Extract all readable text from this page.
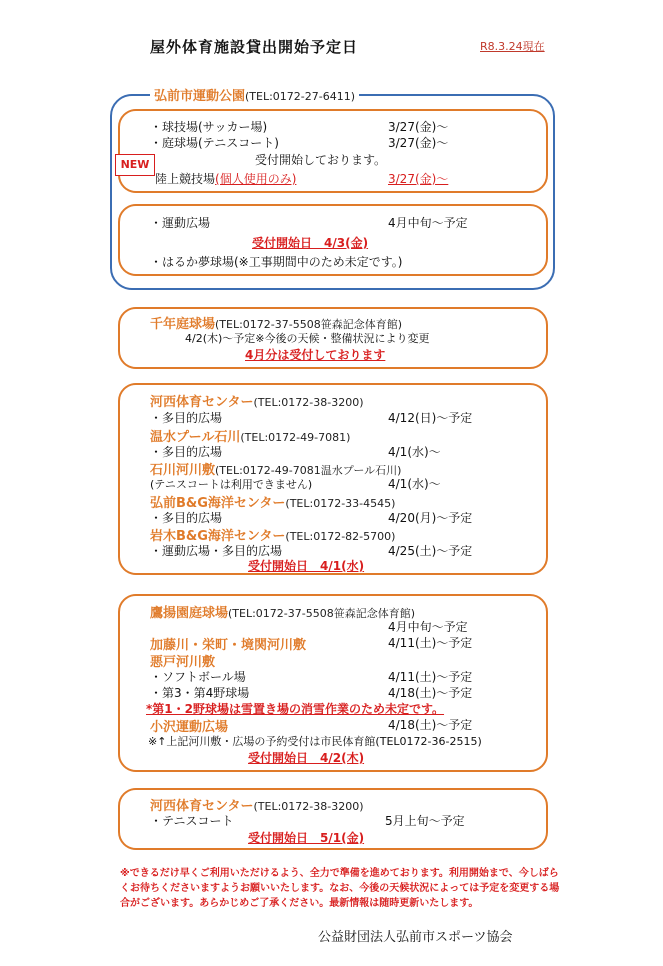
屋外体育施設貸出開始予定日	R8.3.24現在
弘前市運動公園(TEL:0172-27-6411)
・球技場(サッカー場)	3/27(金)～
・庭球場(テニスコート)	3/27(金)～
受付開始しております。
NEW
陸上競技場(個人使用のみ)	3/27(金)～
・運動広場	4月中旬～予定
受付開始日　4/3(金)
・はるか夢球場(※工事期間中のため未定です。)
千年庭球場(TEL:0172-37-5508笹森記念体育館)
4/2(木)～予定※今後の天候・整備状況により変更
4月分は受付しております
河西体育センター(TEL:0172-38-3200)
・多目的広場	4/12(日)～予定
温水プール石川(TEL:0172-49-7081)
・多目的広場	4/1(水)～
石川河川敷(TEL:0172-49-7081温水プール石川)
(テニスコートは利用できません)	4/1(水)～
弘前B&G海洋センター(TEL:0172-33-4545)
・多目的広場	4/20(月)～予定
岩木B&G海洋センター(TEL:0172-82-5700)
・運動広場・多目的広場	4/25(土)～予定
受付開始日　4/1(水)
鷹揚園庭球場(TEL:0172-37-5508笹森記念体育館)
4月中旬～予定
加藤川・栄町・境関河川敷	4/11(土)～予定
悪戸河川敷
・ソフトボール場	4/11(土)～予定
・第3・第4野球場	4/18(土)～予定
*第1・2野球場は雪置き場の消雪作業のため未定です。
小沢運動広場	4/18(土)～予定
※↑上記河川敷・広場の予約受付は市民体育館(TEL0172-36-2515)
受付開始日　4/2(木)
河西体育センター(TEL:0172-38-3200)
・テニスコート	5月上旬～予定
受付開始日　5/1(金)
※できるだけ早くご利用いただけるよう、全力で準備を進めております。利用開始まで、今しばらくお待ちくださいますようお願いいたします。なお、今後の天候状況によっては予定を変更する場合がございます。あらかじめご了承ください。最新情報は随時更新いたします。
公益財団法人弘前市スポーツ協会
